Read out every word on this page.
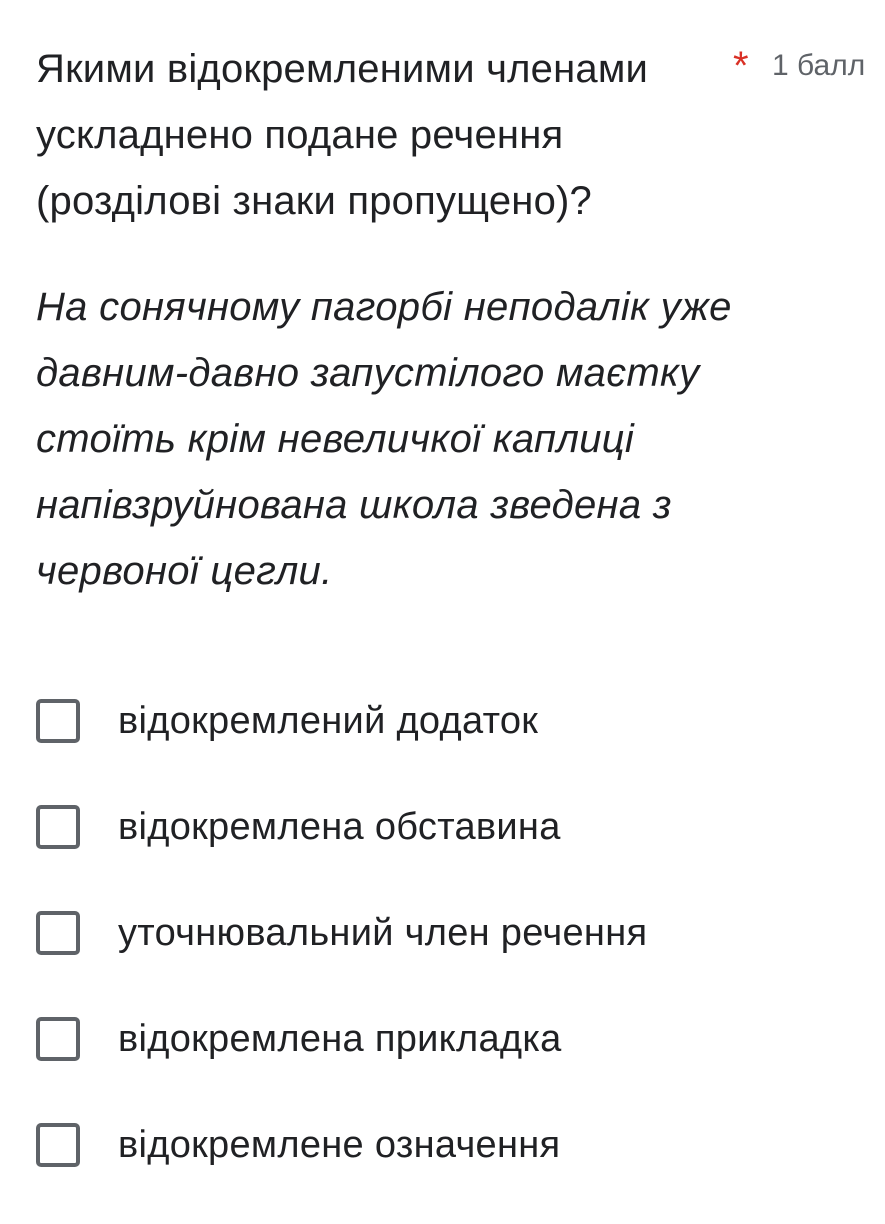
Якими відокремленими членами ускладнено подане речення (розділові знаки пропущено)?
* 1 балл
На сонячному пагорбі неподалік уже давним-давно запустілого маєтку стоїть крім невеличкої каплиці напівзруйнована школа зведена з червоної цегли.
відокремлений додаток
відокремлена обставина
уточнювальний член речення
відокремлена прикладка
відокремлене означення
